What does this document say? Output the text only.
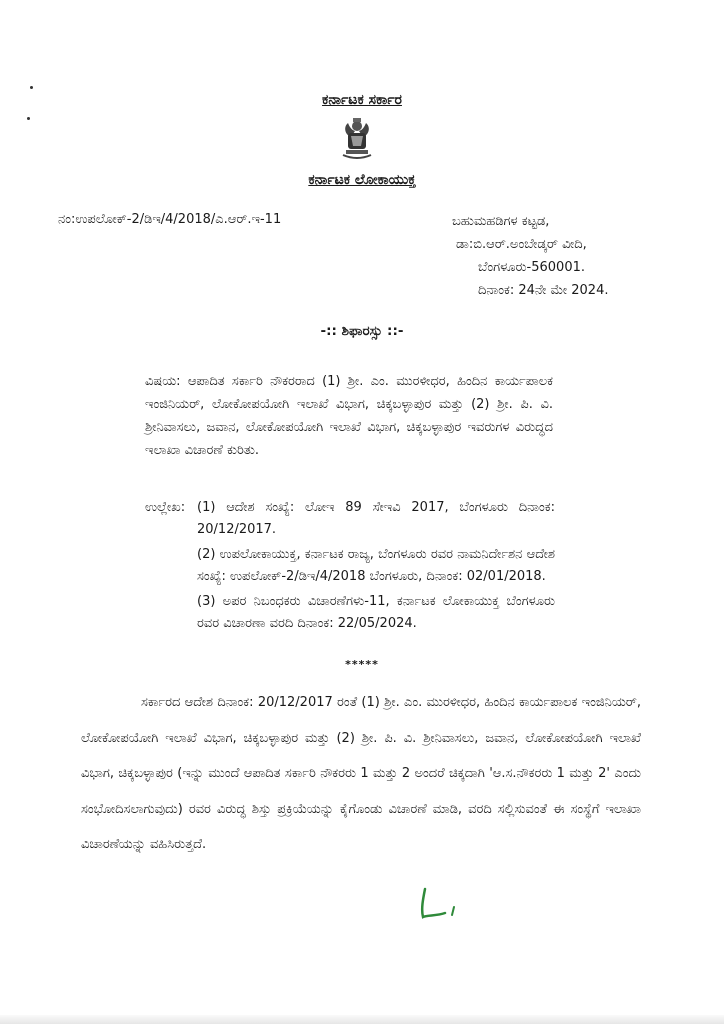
ಕರ್ನಾಟಕ ಸರ್ಕಾರ
ಕರ್ನಾಟಕ ಲೋಕಾಯುಕ್ತ
ನಂ:ಉಪಲೋಕ್-2/ಡಿಇ/4/2018/ಎ.ಆರ್.ಇ-11	ಬಹುಮಹಡಿಗಳ ಕಟ್ಟಡ,
ಡಾ:ಬಿ.ಆರ್.ಅಂಬೇಡ್ಕರ್ ವೀದಿ,
ಬೆಂಗಳೂರು-560001.
ದಿನಾಂಕ: 24ನೇ ಮೇ 2024.
-:: ಶಿಫಾರಸ್ಸು ::-
ವಿಷಯ: ಆಪಾದಿತ ಸರ್ಕಾರಿ ನೌಕರರಾದ (1) ಶ್ರೀ. ಎಂ. ಮುರಳೀಧರ, ಹಿಂದಿನ ಕಾರ್ಯಪಾಲಕ ಇಂಜಿನಿಯರ್, ಲೋಕೋಪಯೋಗಿ ಇಲಾಖೆ ವಿಭಾಗ, ಚಿಕ್ಕಬಳ್ಳಾಪುರ ಮತ್ತು (2) ಶ್ರೀ. ಪಿ. ವಿ. ಶ್ರೀನಿವಾಸಲು, ಜವಾನ, ಲೋಕೋಪಯೋಗಿ ಇಲಾಖೆ ವಿಭಾಗ, ಚಿಕ್ಕಬಳ್ಳಾಪುರ ಇವರುಗಳ ವಿರುದ್ಧದ ಇಲಾಖಾ ವಿಚಾರಣೆ ಕುರಿತು.
ಉಲ್ಲೇಖ: (1) ಆದೇಶ ಸಂಖ್ಯೆ: ಲೋಇ 89 ಸೇಇವಿ 2017, ಬೆಂಗಳೂರು ದಿನಾಂಕ: 20/12/2017.
(2) ಉಪಲೋಕಾಯುಕ್ತ, ಕರ್ನಾಟಕ ರಾಜ್ಯ, ಬೆಂಗಳೂರು ರವರ ನಾಮನಿರ್ದೇಶನ ಆದೇಶ ಸಂಖ್ಯೆ: ಉಪಲೋಕ್-2/ಡಿಇ/4/2018 ಬೆಂಗಳೂರು, ದಿನಾಂಕ: 02/01/2018.
(3) ಅಪರ ನಿಬಂಧಕರು ವಿಚಾರಣೆಗಳು-11, ಕರ್ನಾಟಕ ಲೋಕಾಯುಕ್ತ ಬೆಂಗಳೂರು ರವರ ವಿಚಾರಣಾ ವರದಿ ದಿನಾಂಕ: 22/05/2024.
*****
ಸರ್ಕಾರದ ಆದೇಶ ದಿನಾಂಕ: 20/12/2017 ರಂತೆ (1) ಶ್ರೀ. ಎಂ. ಮುರಳೀಧರ, ಹಿಂದಿನ ಕಾರ್ಯಪಾಲಕ ಇಂಜಿನಿಯರ್, ಲೋಕೋಪಯೋಗಿ ಇಲಾಖೆ ವಿಭಾಗ, ಚಿಕ್ಕಬಳ್ಳಾಪುರ ಮತ್ತು (2) ಶ್ರೀ. ಪಿ. ವಿ. ಶ್ರೀನಿವಾಸಲು, ಜವಾನ, ಲೋಕೋಪಯೋಗಿ ಇಲಾಖೆ ವಿಭಾಗ, ಚಿಕ್ಕಬಳ್ಳಾಪುರ (ಇನ್ನು ಮುಂದೆ ಆಪಾದಿತ ಸರ್ಕಾರಿ ನೌಕರರು 1 ಮತ್ತು 2 ಅಂದರೆ ಚಿಕ್ಕದಾಗಿ 'ಆ.ಸ.ನೌಕರರು 1 ಮತ್ತು 2' ಎಂದು ಸಂಭೋದಿಸಲಾಗುವುದು) ರವರ ವಿರುದ್ಧ ಶಿಸ್ತು ಪ್ರಕ್ರಿಯೆಯನ್ನು ಕೈಗೊಂಡು ವಿಚಾರಣೆ ಮಾಡಿ, ವರದಿ ಸಲ್ಲಿಸುವಂತೆ ಈ ಸಂಸ್ಥೆಗೆ ಇಲಾಖಾ ವಿಚಾರಣೆಯನ್ನು ವಹಿಸಿರುತ್ತದೆ.
